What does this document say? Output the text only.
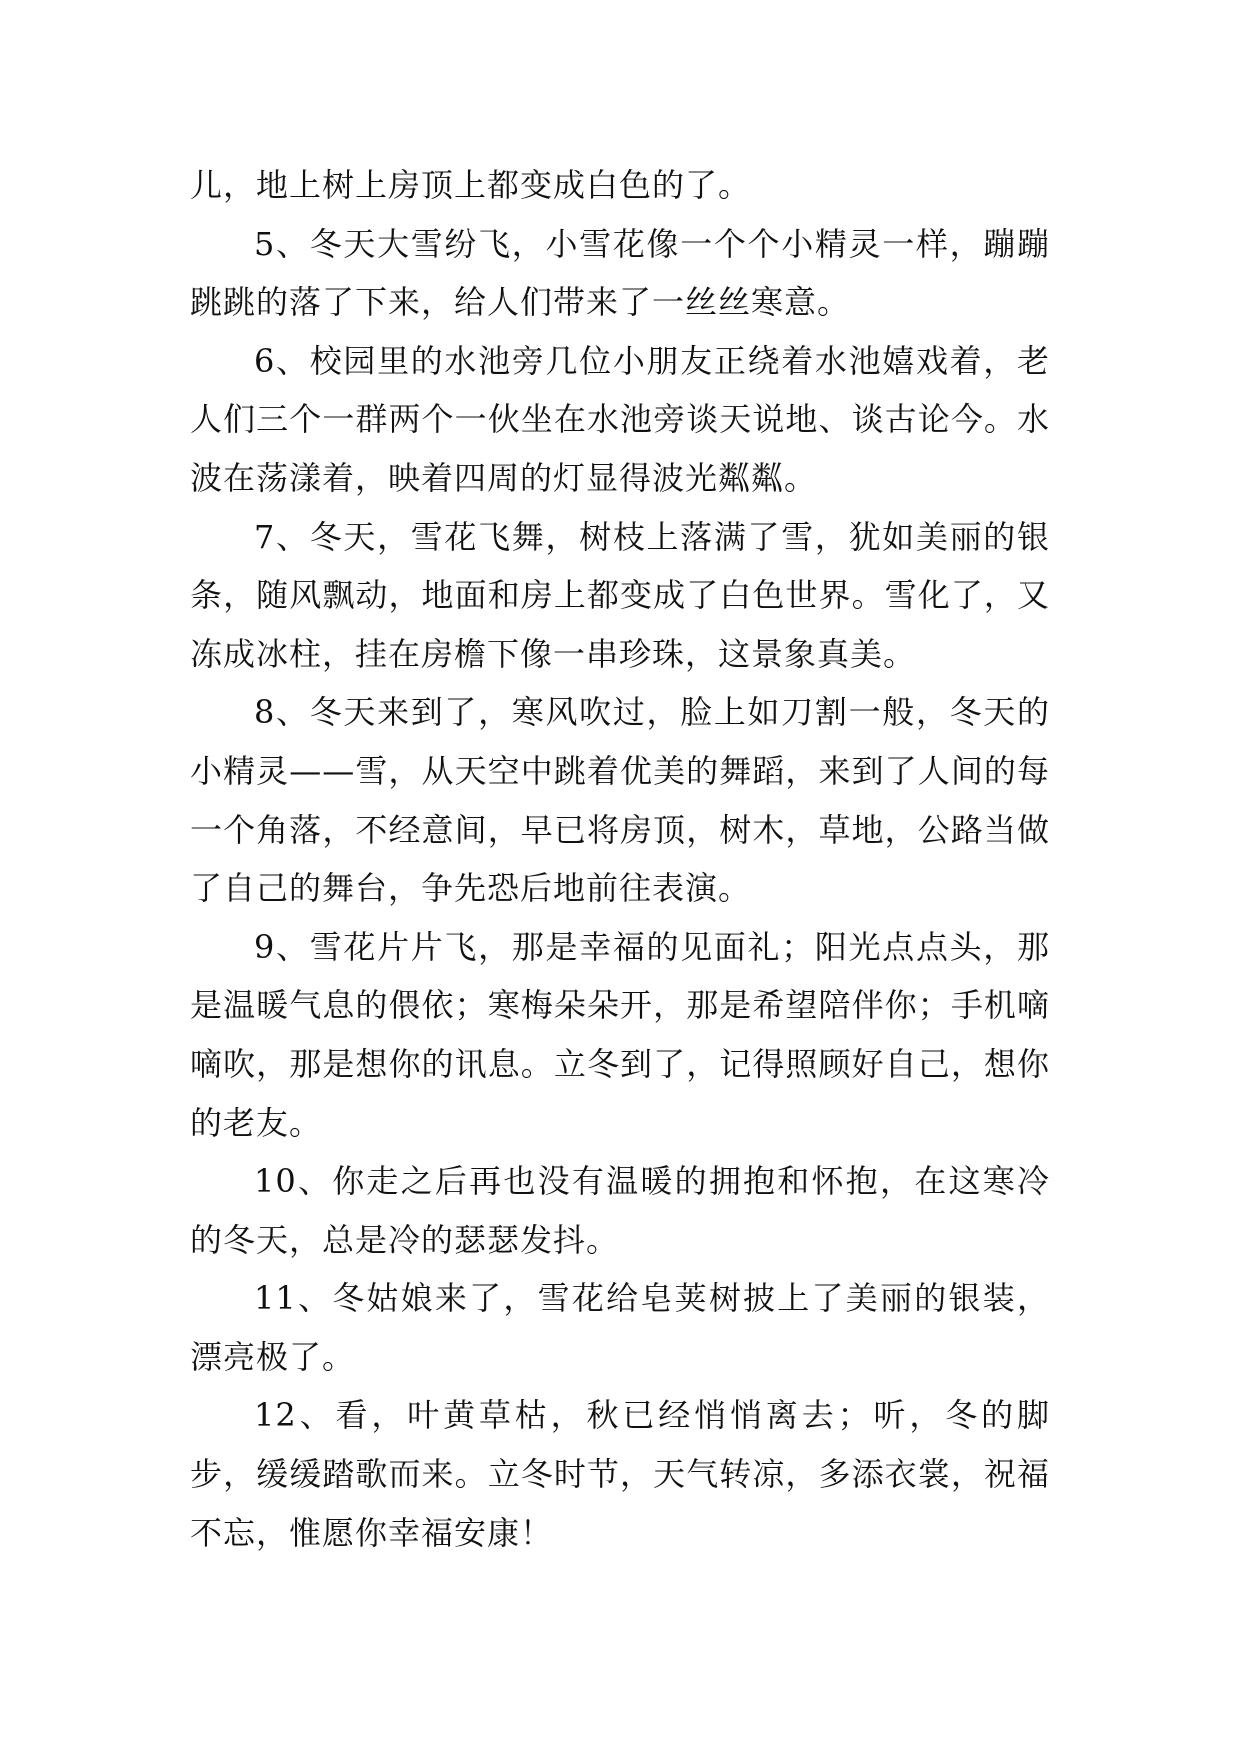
儿，地上树上房顶上都变成白色的了。

5、冬天大雪纷飞，小雪花像一个个小精灵一样，蹦蹦跳跳的落了下来，给人们带来了一丝丝寒意。

6、校园里的水池旁几位小朋友正绕着水池嬉戏着，老人们三个一群两个一伙坐在水池旁谈天说地、谈古论今。水波在荡漾着，映着四周的灯显得波光粼粼。

7、冬天，雪花飞舞，树枝上落满了雪，犹如美丽的银条，随风飘动，地面和房上都变成了白色世界。雪化了，又冻成冰柱，挂在房檐下像一串珍珠，这景象真美。

8、冬天来到了，寒风吹过，脸上如刀割一般，冬天的小精灵——雪，从天空中跳着优美的舞蹈，来到了人间的每一个角落，不经意间，早已将房顶，树木，草地，公路当做了自己的舞台，争先恐后地前往表演。

9、雪花片片飞，那是幸福的见面礼；阳光点点头，那是温暖气息的偎依；寒梅朵朵开，那是希望陪伴你；手机嘀嘀吹，那是想你的讯息。立冬到了，记得照顾好自己，想你的老友。

10、你走之后再也没有温暖的拥抱和怀抱，在这寒冷的冬天，总是冷的瑟瑟发抖。

11、冬姑娘来了，雪花给皂荚树披上了美丽的银装，漂亮极了。

12、看，叶黄草枯，秋已经悄悄离去；听，冬的脚步，缓缓踏歌而来。立冬时节，天气转凉，多添衣裳，祝福不忘，惟愿你幸福安康！
